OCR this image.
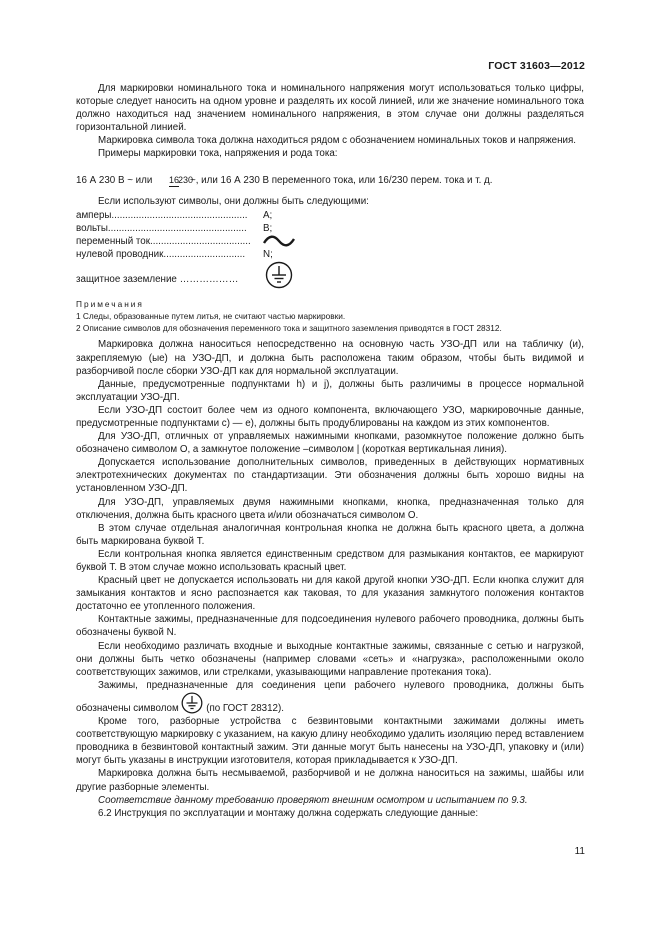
ГОСТ 31603—2012

Для маркировки номинального тока и номинального напряжения могут использоваться только цифры, которые следует наносить на одном уровне и разделять их косой линией, или же значение номинального тока должно находиться над значением номинального напряжения, в этом случае они должны разделяться горизонтальной линией.

Маркировка символа тока должна находиться рядом с обозначением номинальных токов и напряжения.

Примеры маркировки тока, напряжения и рода тока:

16 А 230 В ~ или 16
230
~, или 16 А 230 В переменного тока, или 16/230 перем. тока и т. д.

Если используют символы, они должны быть следующими:

амперы.................................................. А;
вольты................................................... В;
переменный ток.....................................
нулевой проводник.............................. N;
защитное заземление ………………
Примечания
1 Следы, образованные путем литья, не считают частью маркировки.
2 Описание символов для обозначения переменного тока и защитного заземления приводятся в ГОСТ 28312.

Маркировка должна наноситься непосредственно на основную часть УЗО-ДП или на табличку (и), закрепляемую (ые) на УЗО-ДП, и должна быть расположена таким образом, чтобы быть видимой и разборчивой после сборки УЗО-ДП как для нормальной эксплуатации.

Данные, предусмотренные подпунктами h) и j), должны быть различимы в процессе нормальной эксплуатации УЗО-ДП.

Если УЗО-ДП состоит более чем из одного компонента, включающего УЗО, маркировочные данные, предусмотренные подпунктами c) — e), должны быть продублированы на каждом из этих компонентов.

Для УЗО-ДП, отличных от управляемых нажимными кнопками, разомкнутое положение должно быть обозначено символом О, а замкнутое положение –символом | (короткая вертикальная линия).

Допускается использование дополнительных символов, приведенных в действующих нормативных электротехнических документах по стандартизации. Эти обозначения должны быть хорошо видны на установленном УЗО-ДП.

Для УЗО-ДП, управляемых двумя нажимными кнопками, кнопка, предназначенная только для отключения, должна быть красного цвета и/или обозначаться символом О.

В этом случае отдельная аналогичная контрольная кнопка не должна быть красного цвета, а должна быть маркирована буквой Т.

Если контрольная кнопка является единственным средством для размыкания контактов, ее маркируют буквой Т. В этом случае можно использовать красный цвет.

Красный цвет не допускается использовать ни для какой другой кнопки УЗО-ДП. Если кнопка служит для замыкания контактов и ясно распознается как таковая, то для указания замкнутого положения контактов достаточно ее утопленного положения.

Контактные зажимы, предназначенные для подсоединения нулевого рабочего проводника, должны быть обозначены буквой N.

Если необходимо различать входные и выходные контактные зажимы, связанные с сетью и нагрузкой, они должны быть четко обозначены (например словами «сеть» и «нагрузка», расположенными около соответствующих зажимов, или стрелками, указывающими направление протекания тока).

Зажимы, предназначенные для соединения цепи рабочего нулевого проводника, должны быть обозначены символом	(по ГОСТ 28312).

Кроме того, разборные устройства с безвинтовыми контактными зажимами должны иметь соответствующую маркировку с указанием, на какую длину необходимо удалить изоляцию перед вставлением проводника в безвинтовой контактный зажим. Эти данные могут быть нанесены на УЗО-ДП, упаковку и (или) могут быть указаны в инструкции изготовителя, которая прикладывается к УЗО-ДП.

Маркировка должна быть несмываемой, разборчивой и не должна наноситься на зажимы, шайбы или другие разборные элементы.

Соответствие данному требованию проверяют внешним осмотром и испытанием по 9.3.

6.2 Инструкция по эксплуатации и монтажу должна содержать следующие данные:

11
